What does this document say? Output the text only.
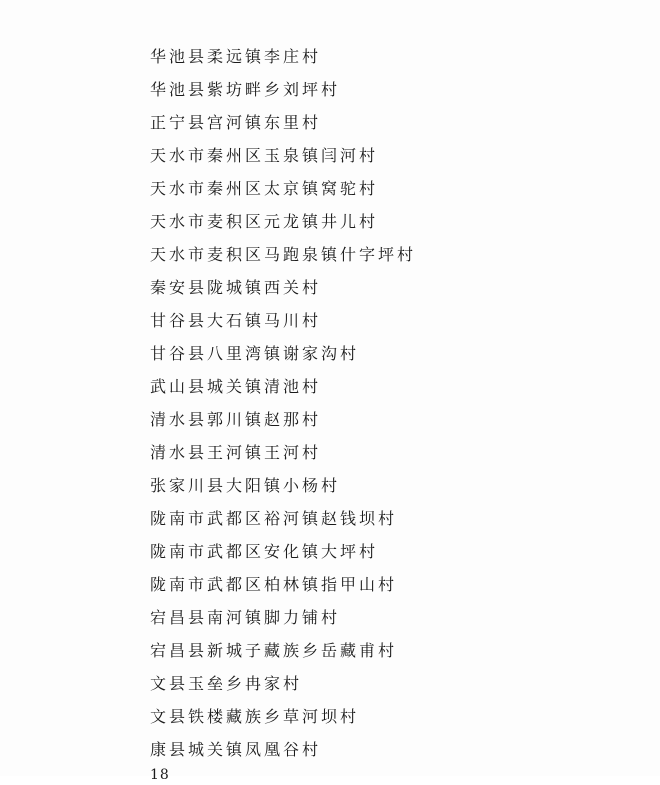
华池县柔远镇李庄村
华池县紫坊畔乡刘坪村
正宁县宫河镇东里村
天水市秦州区玉泉镇闫河村
天水市秦州区太京镇窝驼村
天水市麦积区元龙镇井儿村
天水市麦积区马跑泉镇什字坪村
秦安县陇城镇西关村
甘谷县大石镇马川村
甘谷县八里湾镇谢家沟村
武山县城关镇清池村
清水县郭川镇赵那村
清水县王河镇王河村
张家川县大阳镇小杨村
陇南市武都区裕河镇赵钱坝村
陇南市武都区安化镇大坪村
陇南市武都区柏林镇指甲山村
宕昌县南河镇脚力铺村
宕昌县新城子藏族乡岳藏甫村
文县玉垒乡冉家村
文县铁楼藏族乡草河坝村
康县城关镇凤凰谷村
18
